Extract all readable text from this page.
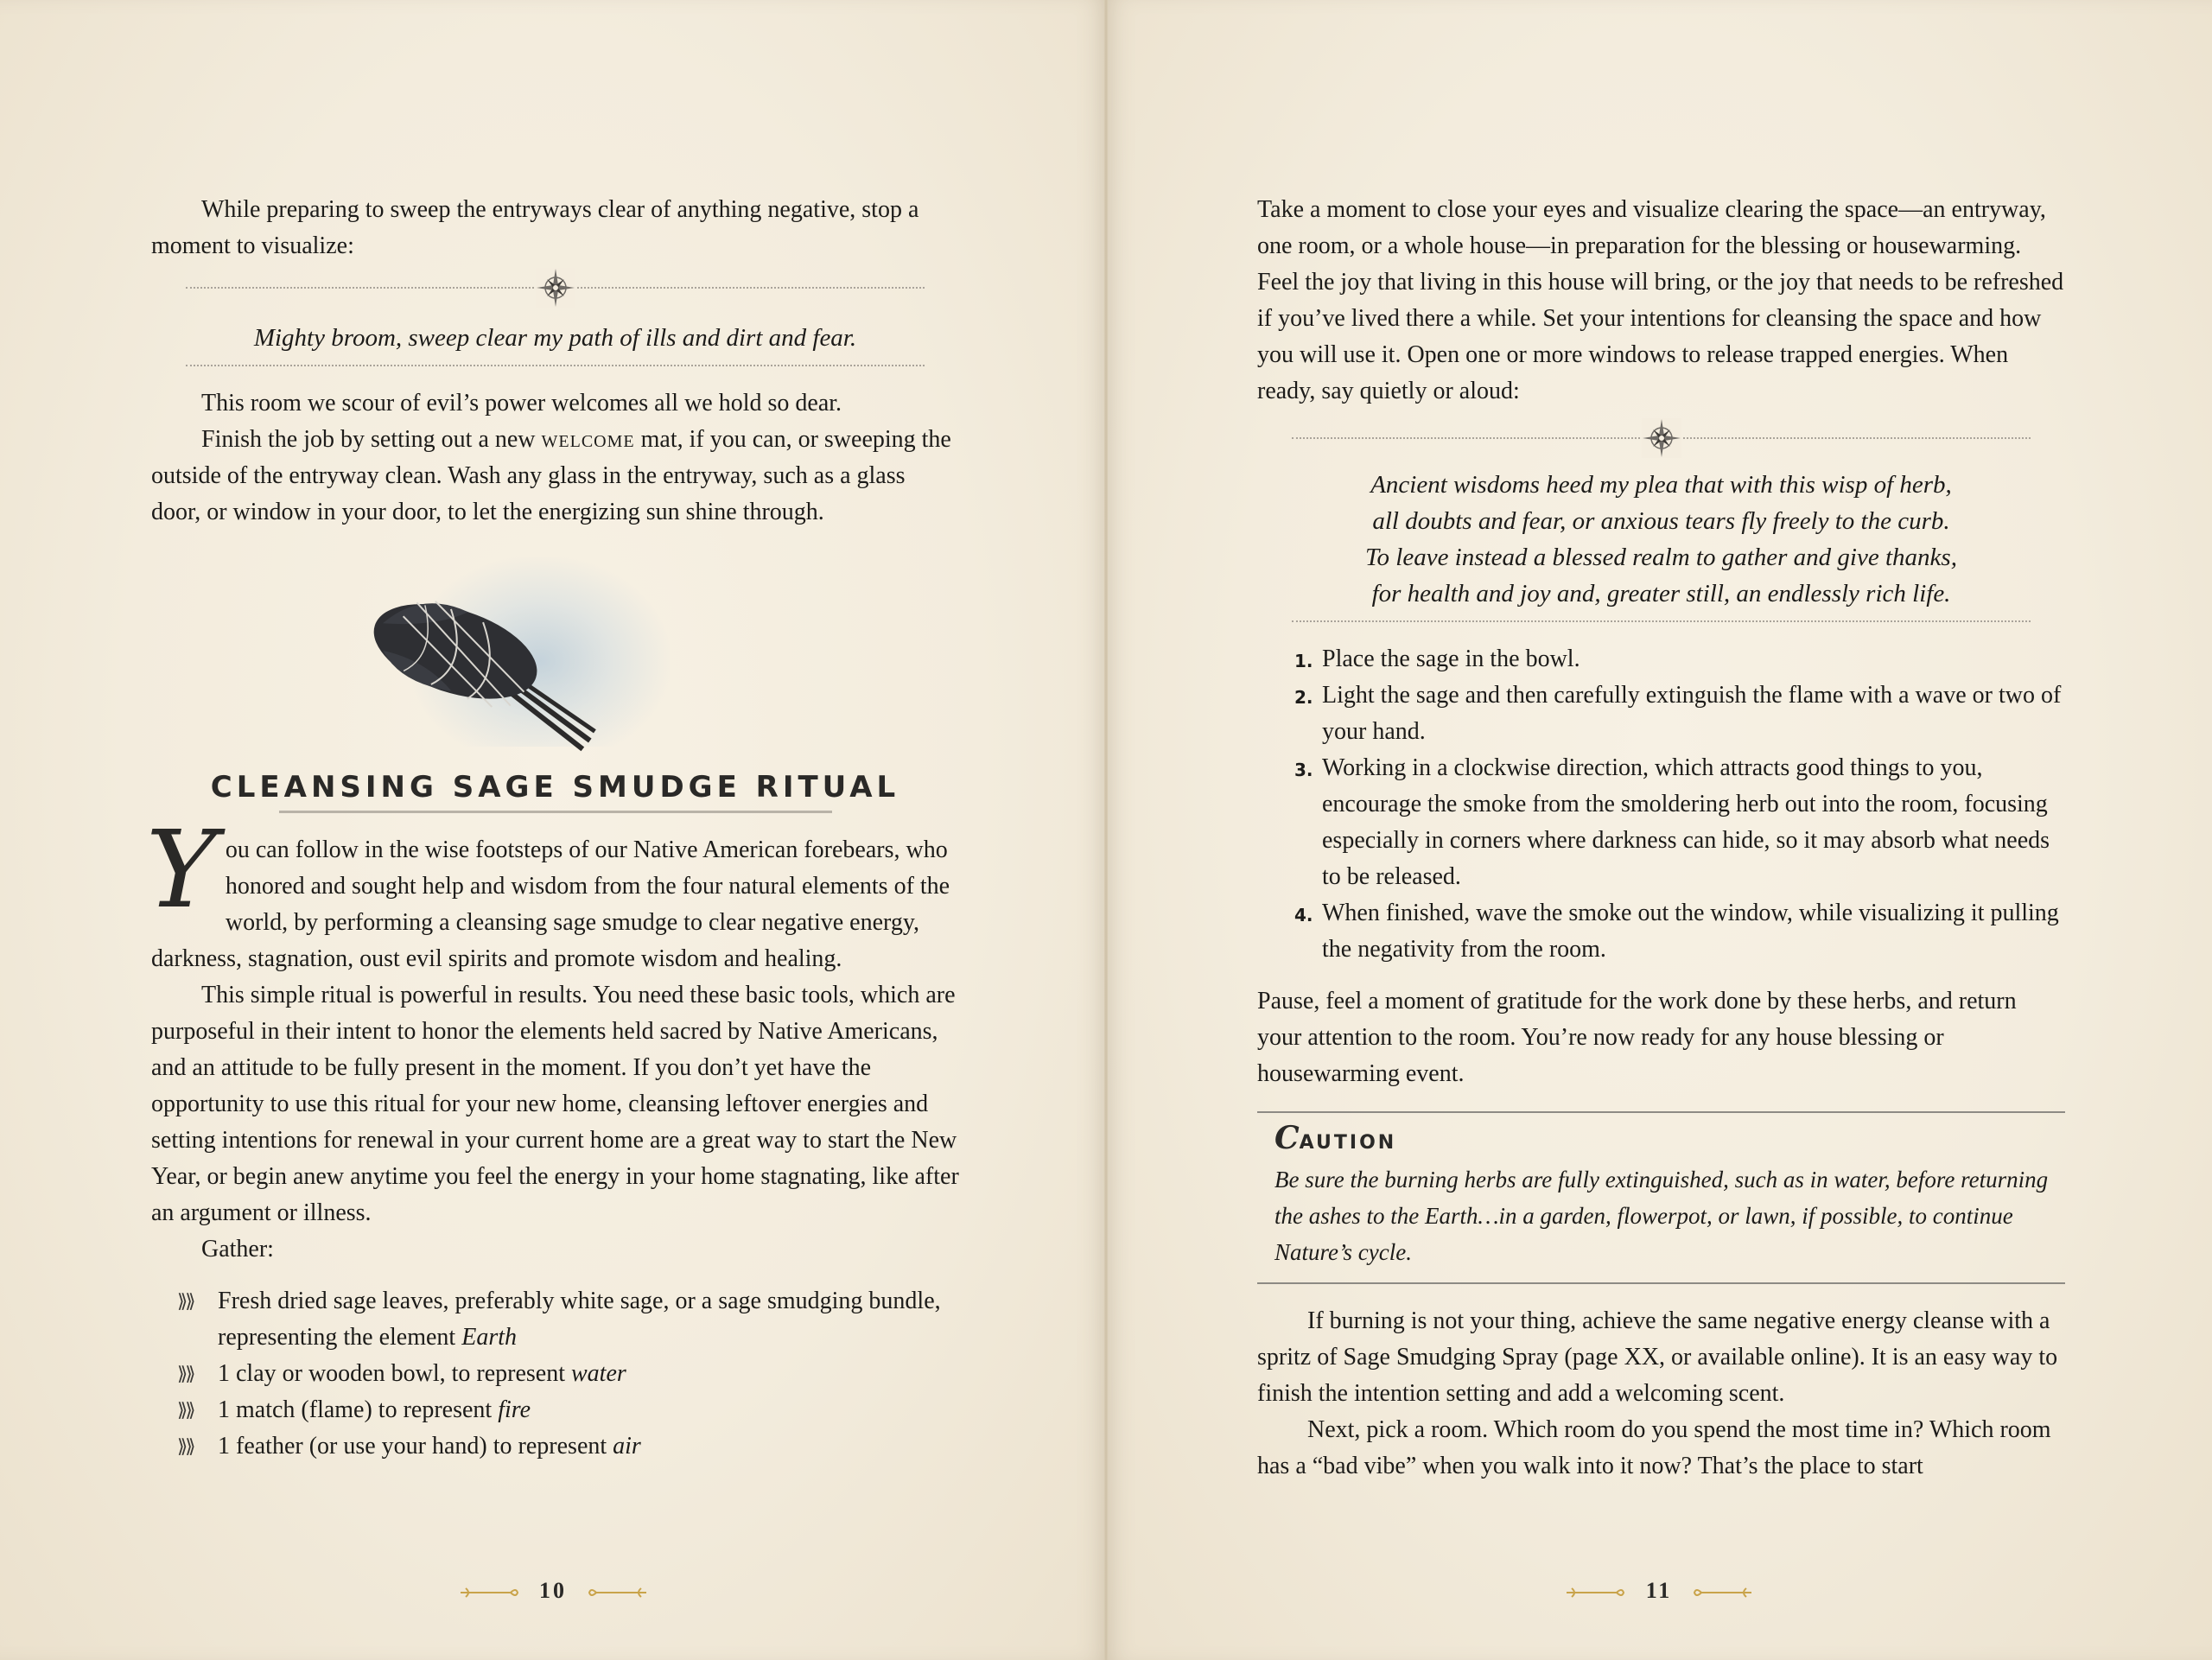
While preparing to sweep the entryways clear of anything negative, stop a moment to visualize:

Mighty broom, sweep clear my path of ills and dirt and fear.

This room we scour of evil’s power welcomes all we hold so dear.

Finish the job by setting out a new welcome mat, if you can, or sweeping the outside of the entryway clean. Wash any glass in the entryway, such as a glass door, or window in your door, to let the energizing sun shine through.

CLEANSING SAGE SMUDGE RITUAL

You can follow in the wise footsteps of our Native American forebears, who honored and sought help and wisdom from the four natural elements of the world, by performing a cleansing sage smudge to clear negative energy, darkness, stagnation, oust evil spirits and promote wisdom and healing.

This simple ritual is powerful in results. You need these basic tools, which are purposeful in their intent to honor the elements held sacred by Native Americans, and an attitude to be fully present in the moment. If you don’t yet have the opportunity to use this ritual for your new home, cleansing leftover energies and setting intentions for renewal in your current home are a great way to start the New Year, or begin anew anytime you feel the energy in your home stagnating, like after an argument or illness.

Gather:

⟫⟫ Fresh dried sage leaves, preferably white sage, or a sage smudging bundle, representing the element Earth
⟫⟫ 1 clay or wooden bowl, to represent water
⟫⟫ 1 match (flame) to represent fire
⟫⟫ 1 feather (or use your hand) to represent air
10

Take a moment to close your eyes and visualize clearing the space—an entryway, one room, or a whole house—in preparation for the blessing or housewarming. Feel the joy that living in this house will bring, or the joy that needs to be refreshed if you’ve lived there a while. Set your intentions for cleansing the space and how you will use it. Open one or more windows to release trapped energies. When ready, say quietly or aloud:

Ancient wisdoms heed my plea that with this wisp of herb,

all doubts and fear, or anxious tears fly freely to the curb.

To leave instead a blessed realm to gather and give thanks,

for health and joy and, greater still, an endlessly rich life.

1. Place the sage in the bowl.
2. Light the sage and then carefully extinguish the flame with a wave or two of your hand.
3. Working in a clockwise direction, which attracts good things to you, encourage the smoke from the smoldering herb out into the room, focusing especially in corners where darkness can hide, so it may absorb what needs to be released.
4. When finished, wave the smoke out the window, while visualizing it pulling the negativity from the room.

Pause, feel a moment of gratitude for the work done by these herbs, and return your attention to the room. You’re now ready for any house blessing or housewarming event.

CAUTION

Be sure the burning herbs are fully extinguished, such as in water, before returning the ashes to the Earth…in a garden, flowerpot, or lawn, if possible, to continue Nature’s cycle.

If burning is not your thing, achieve the same negative energy cleanse with a spritz of Sage Smudging Spray (page XX, or available online). It is an easy way to finish the intention setting and add a welcoming scent.

Next, pick a room. Which room do you spend the most time in? Which room has a “bad vibe” when you walk into it now? That’s the place to start

11
